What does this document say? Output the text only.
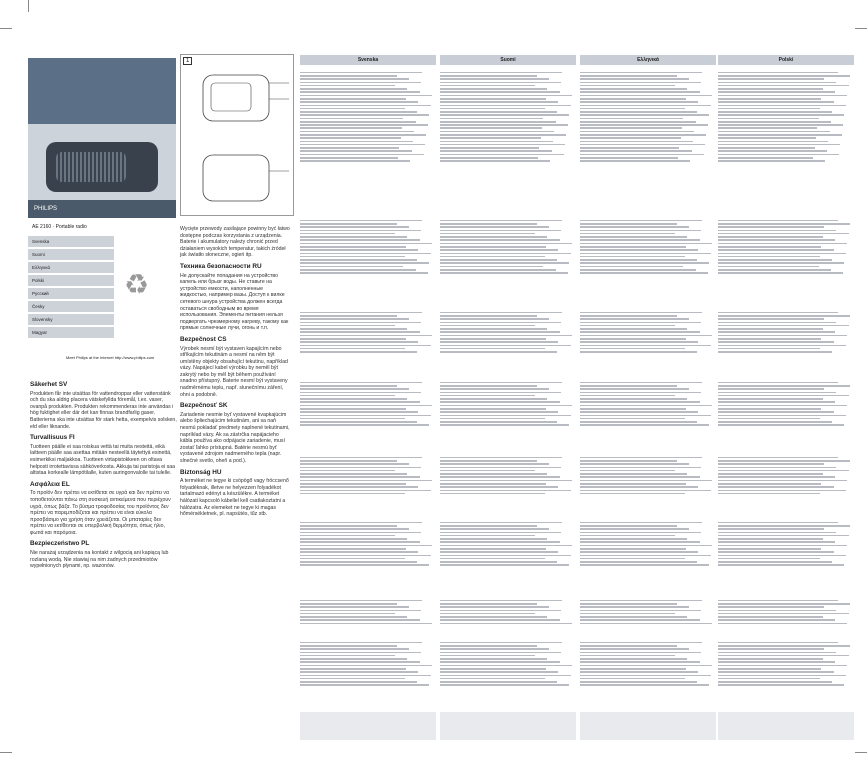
PHILIPS
AE 2160 · Portable radio
Svenska
Suomi
Ελληνικά
Polski
Русский
Česky
Slovensky
Magyar
♻
Meet Philips at the Internet http://www.philips.com
1
Säkerhet SV

Produkten får inte utsättas för vattendroppar eller vattenstänk och du ska aldrig placera vätskefyllda föremål, t.ex. vaser, ovanpå produkten. Produkten rekommenderas inte användas i hög fuktighet eller där det kan finnas brandfarlig gaser. Batterierna ska inte utsättas för stark hetta, exempelvis solsken, eld eller liknande.

Turvallisuus FI

Tuotteen päälle ei saa roiskua vettä tai muita nesteitä, eikä laitteen päälle saa asettaa mitään nesteellä täytettyä esinettä, esimerkiksi maljakkoa. Tuotteen virtapistokkeen on oltava helposti irrotettavissa sähköverkosta. Akkuja tai paristoja ei saa altistaa korkealle lämpötilalle, kuten auringonvalolle tai tulelle.

Ασφάλεια EL

Το προϊόν δεν πρέπει να εκτίθεται σε υγρά και δεν πρέπει να τοποθετούνται πάνω στη συσκευή αντικείμενα που περιέχουν υγρά, όπως βάζα. Το βύσμα τροφοδοσίας του προϊόντος δεν πρέπει να παρεμποδίζεται και πρέπει να είναι εύκολα προσβάσιμο για χρήση όταν χρειάζεται. Οι μπαταρίες δεν πρέπει να εκτίθενται σε υπερβολική θερμότητα, όπως ήλιο, φωτιά και παρόμοια.

Bezpieczeństwo PL

Nie narażaj urządzenia na kontakt z wilgocią ani kapiącą lub rozlaną wodą. Nie stawiaj na nim żadnych przedmiotów wypełnionych płynami, np. wazonów.

Wycięte przewody zasilające powinny być łatwo dostępne podczas korzystania z urządzenia. Baterie i akumulatory należy chronić przed działaniem wysokich temperatur, takich źródeł jak światło słoneczne, ogień itp.

Техника безопасности RU

Не допускайте попадания на устройство капель или брызг воды. Не ставьте на устройство емкости, наполненные жидкостью, например вазы. Доступ к вилке сетевого шнура устройства должен всегда оставаться свободным во время использования. Элементы питания нельзя подвергать чрезмерному нагреву, такому как прямые солнечные лучи, огонь и т.п.

Bezpečnost CS

Výrobek nesmí být vystaven kapajícím nebo stříkajícím tekutinám a nesmí na něm být umístěny objekty obsahující tekutinu, například vázy. Napájecí kabel výrobku by neměl být zakrytý nebo by měl být během používání snadno přístupný. Baterie nesmí být vystaveny nadměrnému teplu, např. slunečnímu záření, ohni a podobně.

Bezpečnosť SK

Zariadenie nesmie byť vystavené kvapkajúcim alebo špliechajúcim tekutinám, ani sa naň nesmú pokladať predmety naplnené tekutinami, napríklad vázy. Ak sa zástrčka napájacieho kábla používa ako odpájacie zariadenie, musí zostať ľahko prístupná. Batérie nesmú byť vystavené zdrojom nadmerného tepla (napr. slnečné svetlo, oheň a pod.).

Biztonság HU

A terméket ne tegye ki csöpögő vagy fröccsenő folyadéknak, illetve ne helyezzen folyadékot tartalmazó edényt a készülékre. A terméket hálózati kapcsoló kábellel kell csatlakoztatni a hálózatra. Az elemeket ne tegye ki magas hőmérsékletnek, pl. napsütés, tűz stb.

Svenska	Suomi	Ελληνικά	Polski
